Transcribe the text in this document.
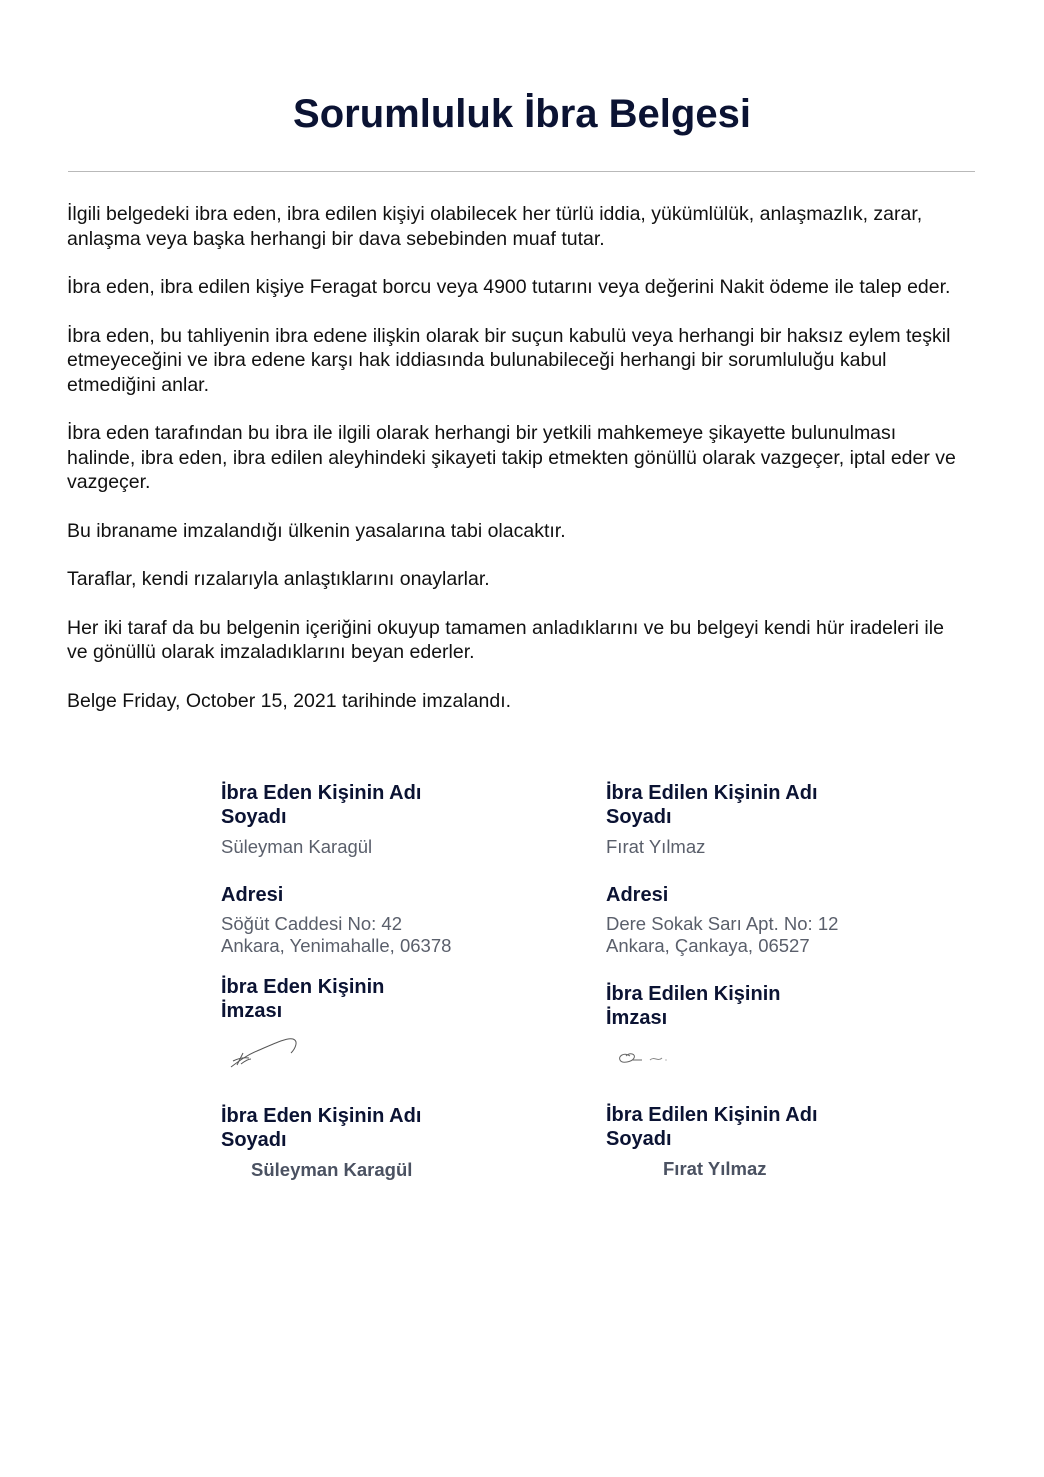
Sorumluluk İbra Belgesi

İlgili belgedeki ibra eden, ibra edilen kişiyi olabilecek her türlü iddia, yükümlülük, anlaşmazlık, zarar, anlaşma veya başka herhangi bir dava sebebinden muaf tutar.

İbra eden, ibra edilen kişiye Feragat borcu veya 4900 tutarını veya değerini Nakit ödeme ile talep eder.

İbra eden, bu tahliyenin ibra edene ilişkin olarak bir suçun kabulü veya herhangi bir haksız eylem teşkil etmeyeceğini ve ibra edene karşı hak iddiasında bulunabileceği herhangi bir sorumluluğu kabul etmediğini anlar.

İbra eden tarafından bu ibra ile ilgili olarak herhangi bir yetkili mahkemeye şikayette bulunulması halinde, ibra eden, ibra edilen aleyhindeki şikayeti takip etmekten gönüllü olarak vazgeçer, iptal eder ve vazgeçer.

Bu ibraname imzalandığı ülkenin yasalarına tabi olacaktır.

Taraflar, kendi rızalarıyla anlaştıklarını onaylarlar.

Her iki taraf da bu belgenin içeriğini okuyup tamamen anladıklarını ve bu belgeyi kendi hür iradeleri ile ve gönüllü olarak imzaladıklarını beyan ederler.

Belge Friday, October 15, 2021 tarihinde imzalandı.

İbra Eden Kişinin Adı Soyadı
Süleyman Karagül
Adresi
Söğüt Caddesi No: 42
Ankara, Yenimahalle, 06378
İbra Eden Kişinin İmzası
İbra Eden Kişinin Adı Soyadı
Süleyman Karagül
İbra Edilen Kişinin Adı Soyadı
Fırat Yılmaz
Adresi
Dere Sokak Sarı Apt. No: 12
Ankara, Çankaya, 06527
İbra Edilen Kişinin İmzası
İbra Edilen Kişinin Adı Soyadı
Fırat Yılmaz
